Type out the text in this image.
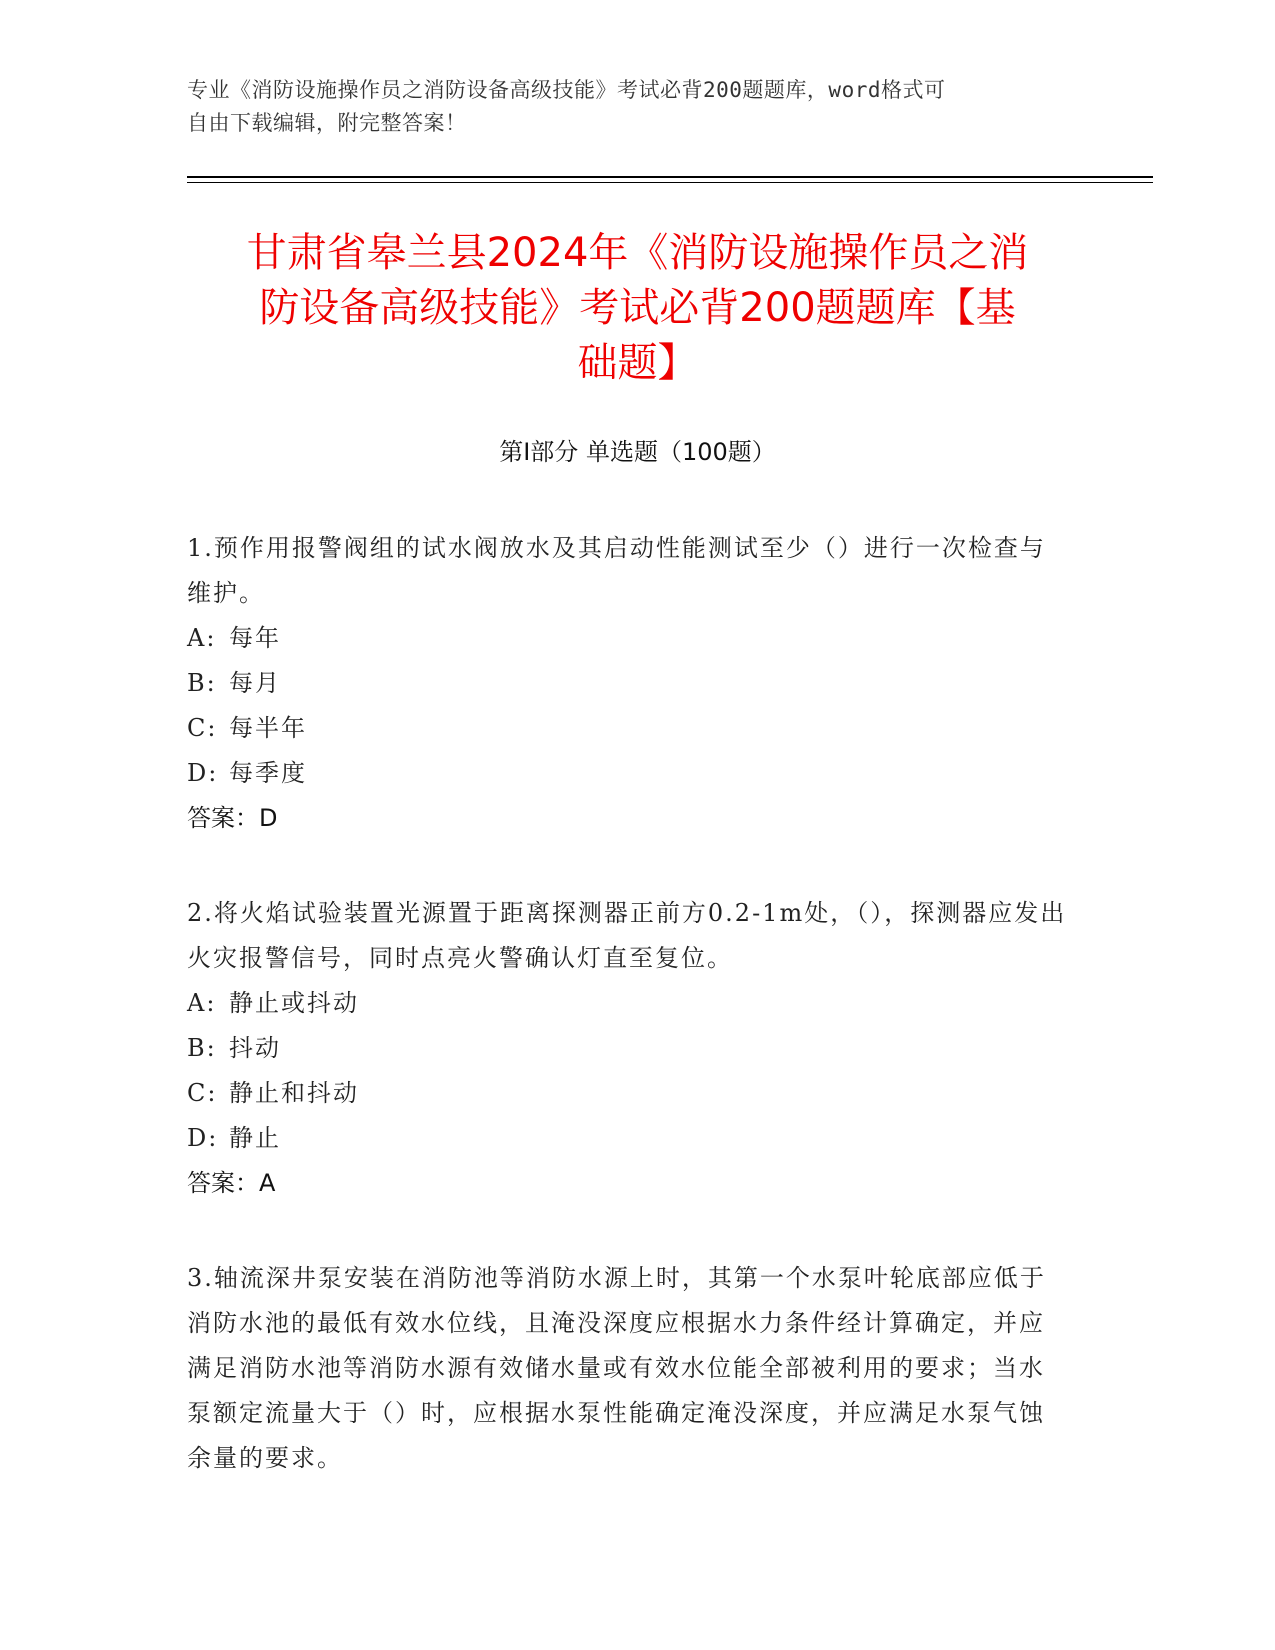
专业《消防设施操作员之消防设备高级技能》考试必背200题题库，word格式可
自由下载编辑，附完整答案！
甘肃省皋兰县2024年《消防设施操作员之消
防设备高级技能》考试必背200题题库【基
础题】
第Ⅰ部分 单选题（100题）

1.预作用报警阀组的试水阀放水及其启动性能测试至少（）进行一次检查与维护。

A: 每年
B: 每月
C: 每半年
D: 每季度
答案：D

2.将火焰试验装置光源置于距离探测器正前方0.2-1m处，（），探测器应发出火灾报警信号，同时点亮火警确认灯直至复位。

A: 静止或抖动
B: 抖动
C: 静止和抖动
D: 静止
答案：A

3.轴流深井泵安装在消防池等消防水源上时，其第一个水泵叶轮底部应低于消防水池的最低有效水位线，且淹没深度应根据水力条件经计算确定，并应满足消防水池等消防水源有效储水量或有效水位能全部被利用的要求；当水泵额定流量大于（）时，应根据水泵性能确定淹没深度，并应满足水泵气蚀余量的要求。
